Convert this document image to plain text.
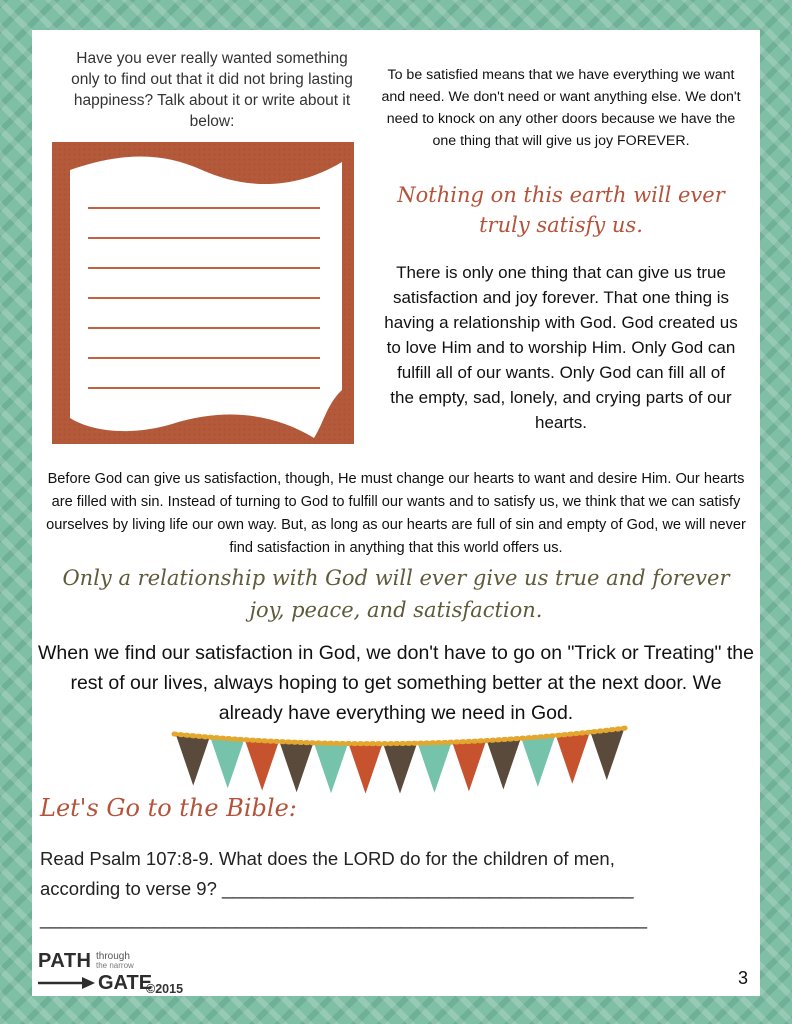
Have you ever really wanted something only to find out that it did not bring lasting happiness? Talk about it or write about it below:
To be satisfied means that we have everything we want and need. We don't need or want anything else. We don't need to knock on any other doors because we have the one thing that will give us joy FOREVER.
Nothing on this earth will ever truly satisfy us.
There is only one thing that can give us true satisfaction and joy forever. That one thing is having a relationship with God. God created us to love Him and to worship Him. Only God can fulfill all of our wants. Only God can fill all of the empty, sad, lonely, and crying parts of our hearts.
Before God can give us satisfaction, though, He must change our hearts to want and desire Him. Our hearts are filled with sin. Instead of turning to God to fulfill our wants and to satisfy us, we think that we can satisfy ourselves by living life our own way. But, as long as our hearts are full of sin and empty of God, we will never find satisfaction in anything that this world offers us.
Only a relationship with God will ever give us true and forever joy, peace, and satisfaction.
When we find our satisfaction in God, we don't have to go on "Trick or Treating" the rest of our lives, always hoping to get something better at the next door. We already have everything we need in God.
Let's Go to the Bible:
Read Psalm 107:8-9. What does the LORD do for the children of men,
according to verse 9? ________________________________________
___________________________________________________________
PATH through
the narrow
GATE
©2015
3
